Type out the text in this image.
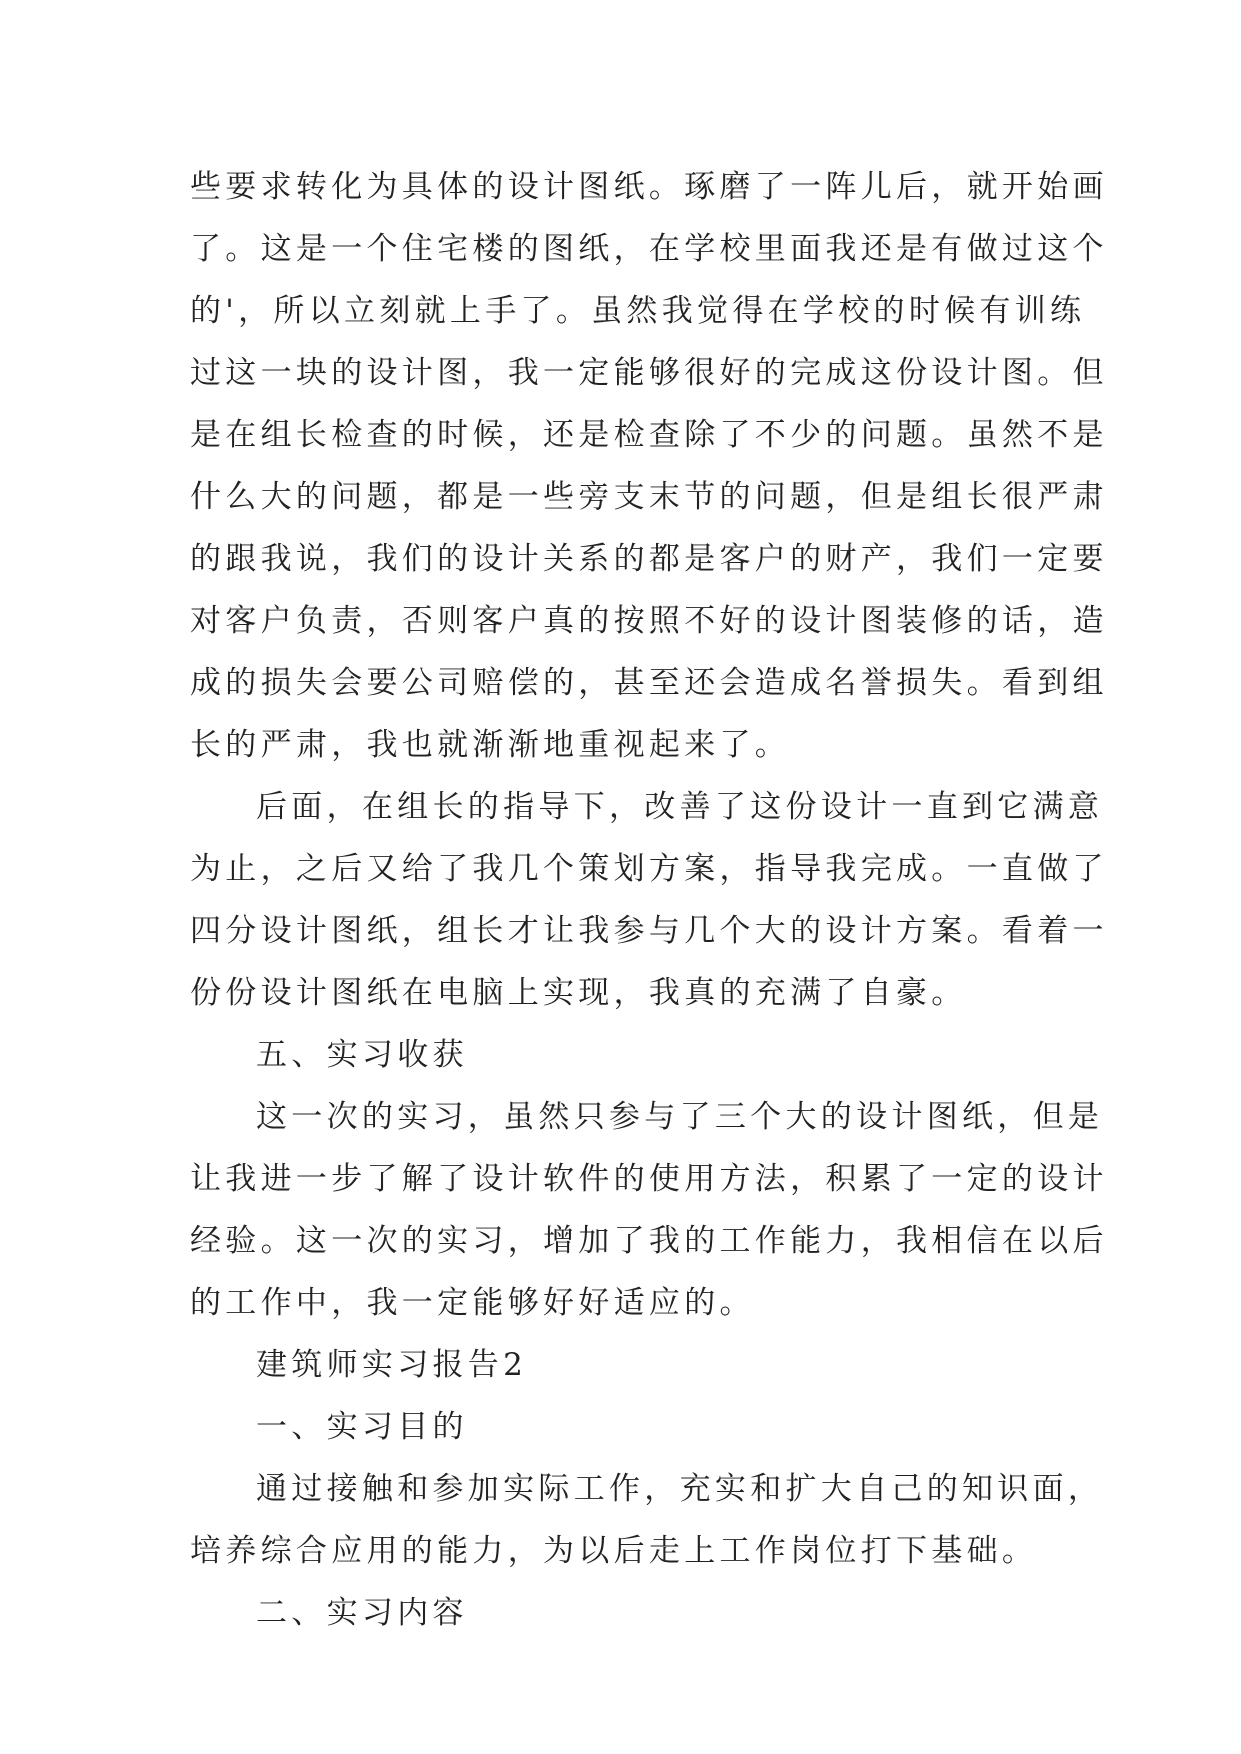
些要求转化为具体的设计图纸。琢磨了一阵儿后，就开始画
了。这是一个住宅楼的图纸，在学校里面我还是有做过这个
的'，所以立刻就上手了。虽然我觉得在学校的时候有训练
过这一块的设计图，我一定能够很好的完成这份设计图。但
是在组长检查的时候，还是检查除了不少的问题。虽然不是
什么大的问题，都是一些旁支末节的问题，但是组长很严肃
的跟我说，我们的设计关系的都是客户的财产，我们一定要
对客户负责，否则客户真的按照不好的设计图装修的话，造
成的损失会要公司赔偿的，甚至还会造成名誉损失。看到组
长的严肃，我也就渐渐地重视起来了。
后面，在组长的指导下，改善了这份设计一直到它满意
为止，之后又给了我几个策划方案，指导我完成。一直做了
四分设计图纸，组长才让我参与几个大的设计方案。看着一
份份设计图纸在电脑上实现，我真的充满了自豪。
五、实习收获
这一次的实习，虽然只参与了三个大的设计图纸，但是
让我进一步了解了设计软件的使用方法，积累了一定的设计
经验。这一次的实习，增加了我的工作能力，我相信在以后
的工作中，我一定能够好好适应的。
建筑师实习报告2
一、实习目的
通过接触和参加实际工作，充实和扩大自己的知识面，
培养综合应用的能力，为以后走上工作岗位打下基础。
二、实习内容
